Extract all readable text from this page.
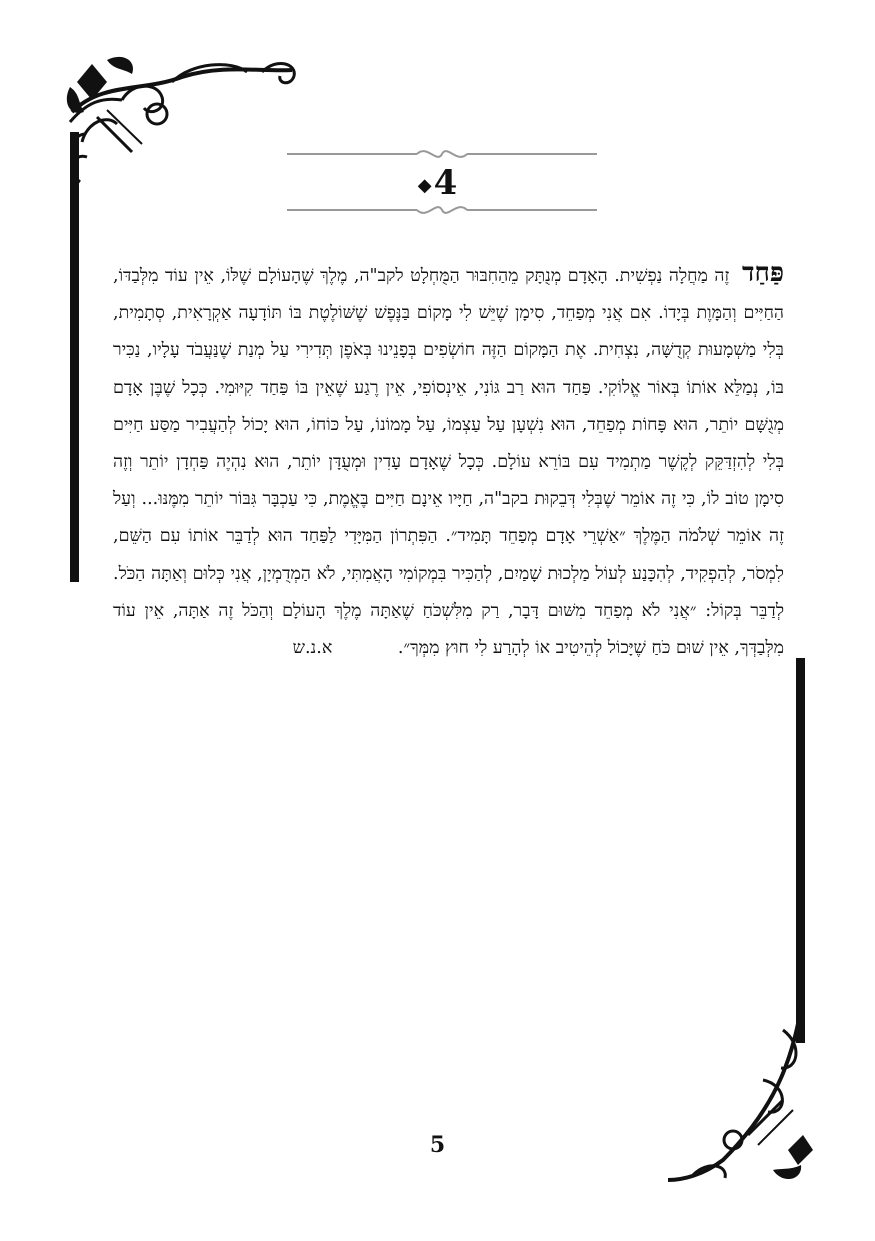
◆4
פַּחַד זֶה מַחֲלָה נַפְשִׁית. הָאָדָם מְנֻתָּק מֵהַחִבּוּר הַמֻּחְלָט לקב"ה, מֶלֶךְ שֶׁהָעוֹלָם שֶׁלּוֹ, אֵין עוֹד מִלְּבַדּוֹ, הַחַיִּים וְהַמָּוֶת בְּיָדוֹ. אִם אֲנִי מְפַחֵד, סִימָן שֶׁיֵּשׁ לִי מָקוֹם בַּנֶּפֶשׁ שֶׁשּׁוֹלֶטֶת בּוֹ תּוֹדָעָה אַקְרָאִית, סְתָמִית, בְּלִי מַשְׁמָעוּת קְדֻשָּׁה, נִצְחִית. אֶת הַמָּקוֹם הַזֶּה חוֹשְׂפִים בְּפָנֵינוּ בְּאֹפֶן תְּדִירִי עַל מְנַת שֶׁנַּעֲבֹד עָלָיו, נַכִּיר בּוֹ, נְמַלֵּא אוֹתוֹ בְּאוֹר אֱלוֹקִי. פַּחַד הוּא רַב גּוֹנִי, אֵינְסוֹפִי, אֵין רֶגַע שֶׁאֵין בּוֹ פַּחַד קִיּוּמִי. כְּכָל שֶׁבֶּן אָדָם מְגֻשָּׁם יוֹתֵר, הוּא פָּחוֹת מְפַחֵד, הוּא נִשְׁעָן עַל עַצְמוֹ, עַל מָמוֹנוֹ, עַל כּוֹחוֹ, הוּא יָכוֹל לְהַעֲבִיר מַסַּע חַיִּים בְּלִי לְהִזְדַּקֵּק לְקֶשֶׁר מַתְמִיד עִם בּוֹרֵא עוֹלָם. כְּכָל שֶׁאָדָם עָדִין וּמְעֻדָּן יוֹתֵר, הוּא נִהְיֶה פַּחְדָן יוֹתֵר וְזֶה סִימָן טוֹב לוֹ, כִּי זֶה אוֹמֵר שֶׁבְּלִי דְּבֵקוּת בקב"ה, חַיָּיו אֵינָם חַיִּים בֶּאֱמֶת, כִּי עַכְבָּר גִּבּוֹר יוֹתֵר מִמֶּנּוּ... וְעַל זֶה אוֹמֵר שְׁלֹמֹה הַמֶּלֶךְ ״אַשְׁרֵי אָדָם מְפַחֵד תָּמִיד״. הַפִּתְרוֹן הַמִּיָּדִי לַפַּחַד הוּא לְדַבֵּר אוֹתוֹ עִם הַשֵּׁם, לִמְסֹר, לְהַפְקִיד, לְהִכָּנַע לְעוֹל מַלְכוּת שָׁמַיִם, לְהַכִּיר בִּמְקוֹמִי הָאֲמִתִּי, לֹא הַמְדֻמְיָן, אֲנִי כְּלוּם וְאַתָּה הַכֹּל. לְדַבֵּר בְּקוֹל: ״אֲנִי לֹא מְפַחֵד מִשּׁוּם דָּבָר, רַק מִלִּשְׁכֹּחַ שֶׁאַתָּה מֶלֶךְ הָעוֹלָם וְהַכֹּל זֶה אַתָּה, אֵין עוֹד מִלְּבַדְּךָ, אֵין שׁוּם כֹּחַ שֶׁיָּכוֹל לְהֵיטִיב אוֹ לְהָרַע לִי חוּץ מִמְּךָ״. א.נ.ש
5
